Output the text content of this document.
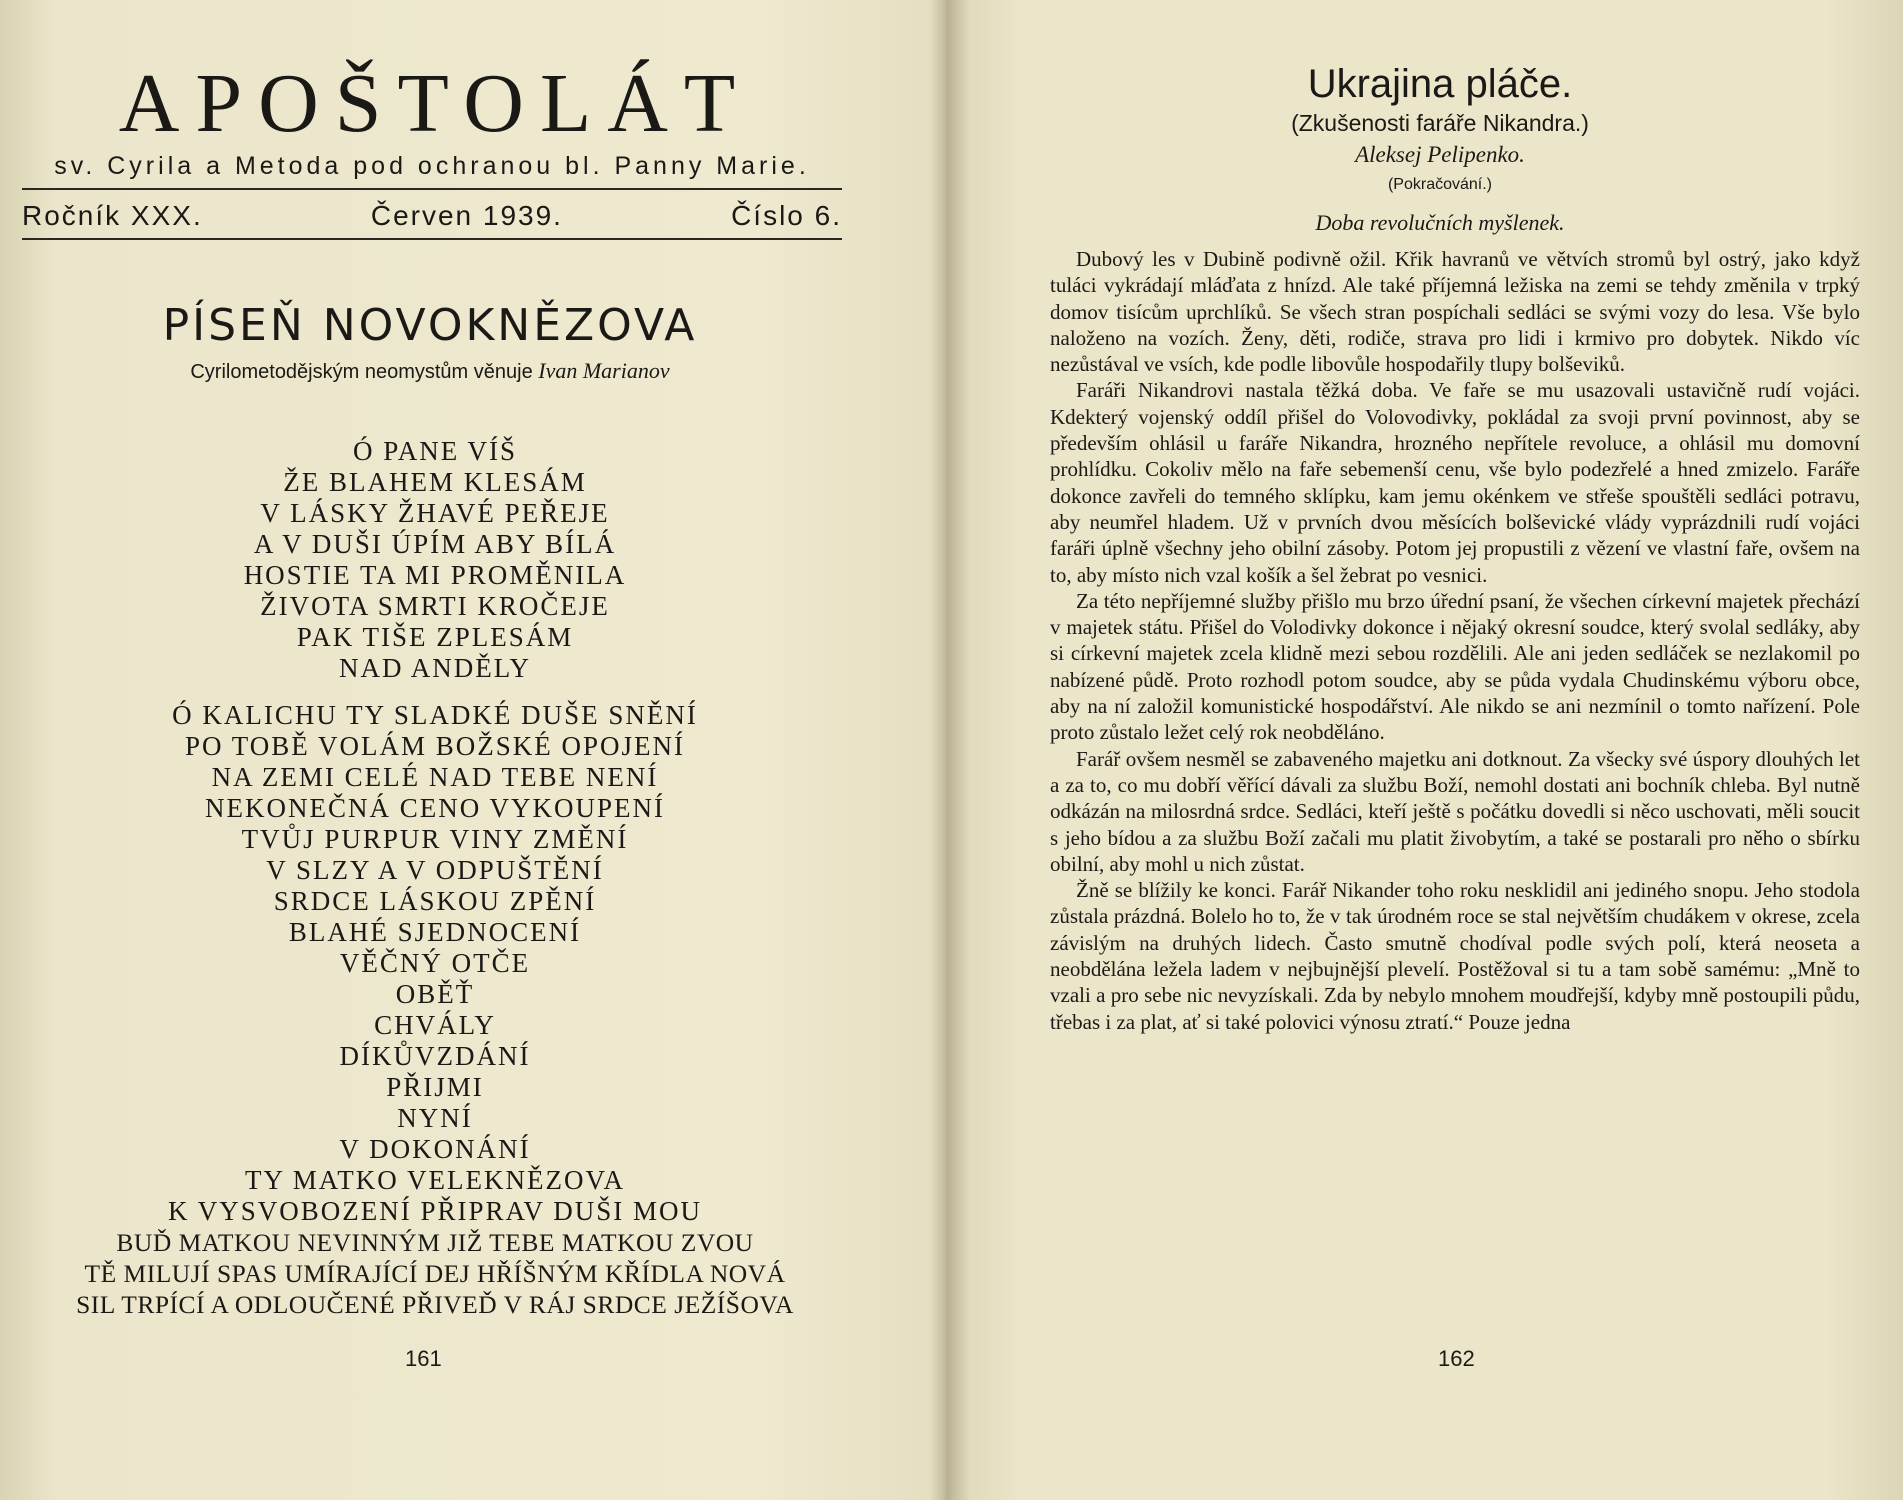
APOŠTOLÁT
sv. Cyrila a Metoda pod ochranou bl. Panny Marie.
Ročník XXX.	Červen 1939.	Číslo 6.
PÍSEŇ NOVOKNĚZOVA
Cyrilometodějským neomystům věnuje Ivan Marianov
Ó PANE VÍŠ
ŽE BLAHEM KLESÁM
V LÁSKY ŽHAVÉ PEŘEJE
A V DUŠI ÚPÍM ABY BÍLÁ
HOSTIE TA MI PROMĚNILA
ŽIVOTA SMRTI KROČEJE
PAK TIŠE ZPLESÁM
NAD ANDĚLY
Ó KALICHU TY SLADKÉ DUŠE SNĚNÍ
PO TOBĚ VOLÁM BOŽSKÉ OPOJENÍ
NA ZEMI CELÉ NAD TEBE NENÍ
NEKONEČNÁ CENO VYKOUPENÍ
TVŮJ PURPUR VINY ZMĚNÍ
V SLZY A V ODPUŠTĚNÍ
SRDCE LÁSKOU ZPĚNÍ
BLAHÉ SJEDNOCENÍ
VĚČNÝ OTČE
OBĚŤ
CHVÁLY
DÍKŮVZDÁNÍ
PŘIJMI
NYNÍ
V DOKONÁNÍ
TY MATKO VELEKNĚZOVA
K VYSVOBOZENÍ PŘIPRAV DUŠI MOU
BUĎ MATKOU NEVINNÝM JIŽ TEBE MATKOU ZVOU
TĚ MILUJÍ SPAS UMÍRAJÍCÍ DEJ HŘÍŠNÝM KŘÍDLA NOVÁ
SIL TRPÍCÍ A ODLOUČENÉ PŘIVEĎ V RÁJ SRDCE JEŽÍŠOVA
161
Ukrajina pláče.
(Zkušenosti faráře Nikandra.)
Aleksej Pelipenko.
(Pokračování.)
Doba revolučních myšlenek.

Dubový les v Dubině podivně ožil. Křik havranů ve větvích stromů byl ostrý, jako když tuláci vykrádají mláďata z hnízd. Ale také příjemná ležiska na zemi se tehdy změnila v trpký domov tisícům uprchlíků. Se všech stran pospíchali sedláci se svými vozy do lesa. Vše bylo naloženo na vozích. Ženy, děti, rodiče, strava pro lidi i krmivo pro dobytek. Nikdo víc nezůstával ve vsích, kde podle libovůle hospodařily tlupy bolševiků.

Faráři Nikandrovi nastala těžká doba. Ve faře se mu usazovali ustavičně rudí vojáci. Kdekterý vojenský oddíl přišel do Volovodivky, pokládal za svoji první povinnost, aby se především ohlásil u faráře Nikandra, hrozného nepřítele revoluce, a ohlásil mu domovní prohlídku. Cokoliv mělo na faře sebemenší cenu, vše bylo podezřelé a hned zmizelo. Faráře dokonce zavřeli do temného sklípku, kam jemu okénkem ve střeše spouštěli sedláci potravu, aby neumřel hladem. Už v prvních dvou měsících bolševické vlády vyprázdnili rudí vojáci faráři úplně všechny jeho obilní zásoby. Potom jej propustili z vězení ve vlastní faře, ovšem na to, aby místo nich vzal košík a šel žebrat po vesnici.

Za této nepříjemné služby přišlo mu brzo úřední psaní, že všechen církevní majetek přechází v majetek státu. Přišel do Volodivky dokonce i nějaký okresní soudce, který svolal sedláky, aby si církevní majetek zcela klidně mezi sebou rozdělili. Ale ani jeden sedláček se nezlakomil po nabízené půdě. Proto rozhodl potom soudce, aby se půda vydala Chudinskému výboru obce, aby na ní založil komunistické hospodářství. Ale nikdo se ani nezmínil o tomto nařízení. Pole proto zůstalo ležet celý rok neobděláno.

Farář ovšem nesměl se zabaveného majetku ani dotknout. Za všecky své úspory dlouhých let a za to, co mu dobří věřící dávali za službu Boží, nemohl dostati ani bochník chleba. Byl nutně odkázán na milosrdná srdce. Sedláci, kteří ještě s počátku dovedli si něco uschovati, měli soucit s jeho bídou a za službu Boží začali mu platit živobytím, a také se postarali pro něho o sbírku obilní, aby mohl u nich zůstat.

Žně se blížily ke konci. Farář Nikander toho roku nesklidil ani jediného snopu. Jeho stodola zůstala prázdná. Bolelo ho to, že v tak úrodném roce se stal největším chudákem v okrese, zcela závislým na druhých lidech. Často smutně chodíval podle svých polí, která neoseta a neobdělána ležela ladem v nejbujnější plevelí. Postěžoval si tu a tam sobě samému: „Mně to vzali a pro sebe nic nevyzískali. Zda by nebylo mnohem moudřejší, kdyby mně postoupili půdu, třebas i za plat, ať si také polovici výnosu ztratí.“ Pouze jedna

162
